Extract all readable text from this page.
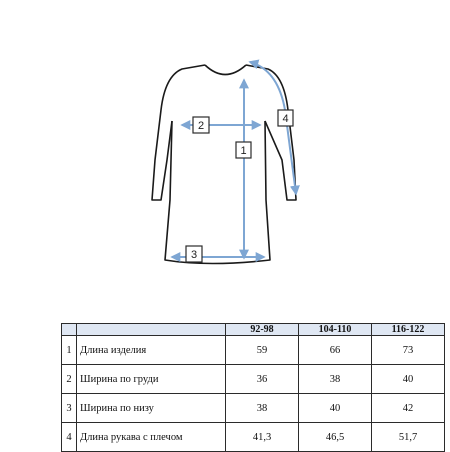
1
2
3
4
		92-98	104-110	116-122
1	Длина изделия	59	66	73
2	Ширина по груди	36	38	40
3	Ширина по низу	38	40	42
4	Длина рукава с плечом	41,3	46,5	51,7
